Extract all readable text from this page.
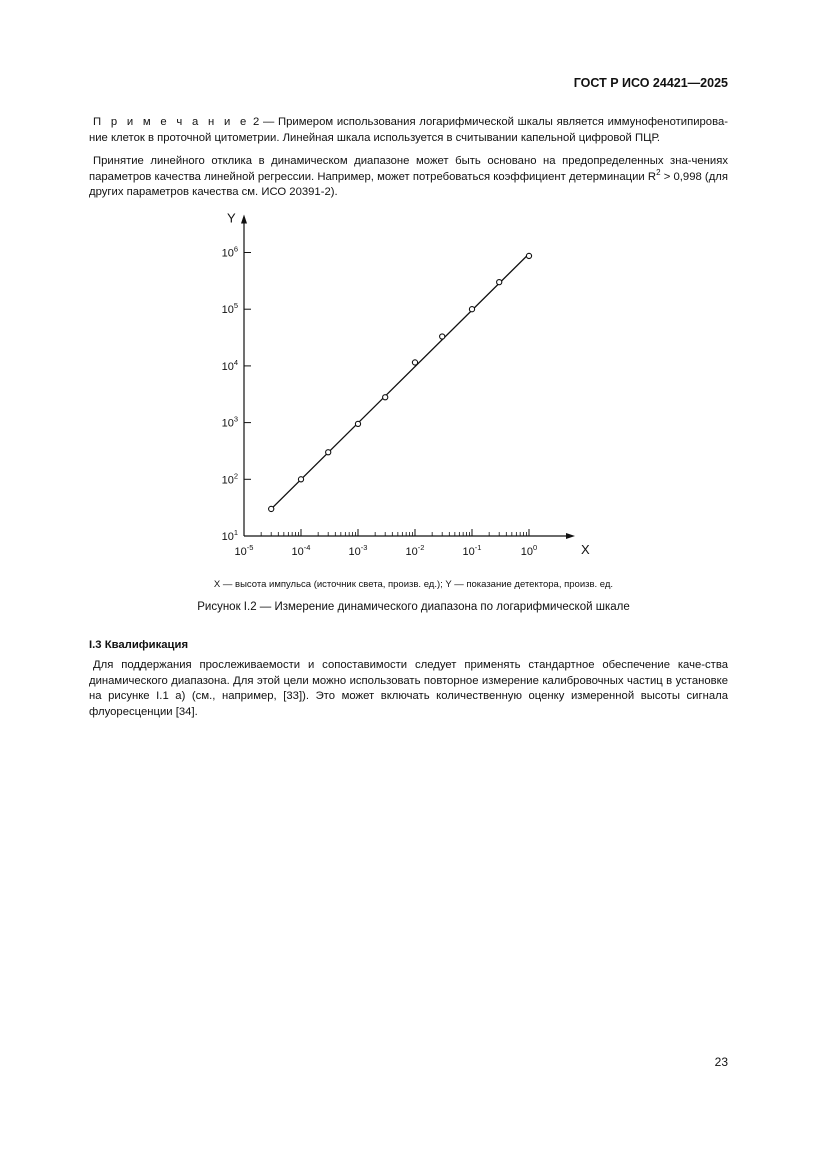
ГОСТ Р ИСО 24421—2025

П р и м е ч а н и е 2 — Примером использования логарифмической шкалы является иммунофенотипирова-ние клеток в проточной цитометрии. Линейная шкала используется в считывании капельной цифровой ПЦР.

Принятие линейного отклика в динамическом диапазоне может быть основано на предопределенных зна-чениях параметров качества линейной регрессии. Например, может потребоваться коэффициент детерминации $R^2 > 0,998$ (для других параметров качества см. ИСО 20391-2).

X
Y
$10^{-5}$	$10^{-4}$	$10^{-3}$	$10^{-2}$	$10^{-1}$	$10^0$
$10^1$
$10^2$
$10^3$
$10^4$
$10^5$
$10^6$
X — высота импульса (источник света, произв. ед.); Y — показание детектора, произв. ед.
Рисунок I.2 — Измерение динамического диапазона по логарифмической шкале
I.3 Квалификация

Для поддержания прослеживаемости и сопоставимости следует применять стандартное обеспечение каче-ства динамического диапазона. Для этой цели можно использовать повторное измерение калибровочных частиц в установке на рисунке I.1 a) (см., например, [33]). Это может включать количественную оценку измеренной высоты сигнала флуоресценции [34].

23
